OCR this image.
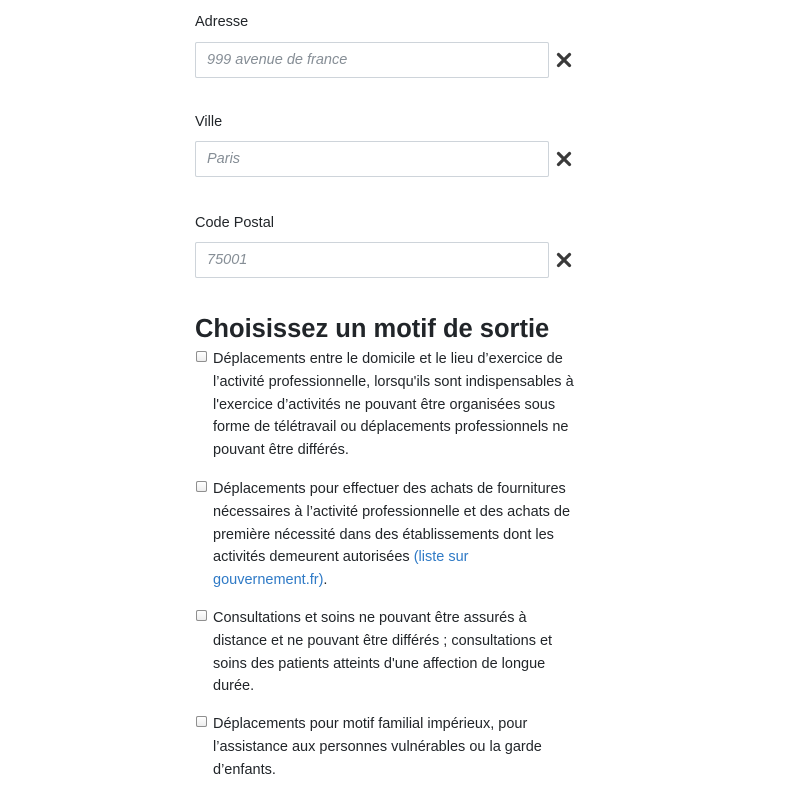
Adresse
999 avenue de france
Ville
Paris
Code Postal
75001
Choisissez un motif de sortie
Déplacements entre le domicile et le lieu d’exercice de l’activité professionnelle, lorsqu'ils sont indispensables à l'exercice d’activités ne pouvant être organisées sous forme de télétravail ou déplacements professionnels ne pouvant être différés.
Déplacements pour effectuer des achats de fournitures nécessaires à l’activité professionnelle et des achats de première nécessité dans des établissements dont les activités demeurent autorisées (liste sur gouvernement.fr).
Consultations et soins ne pouvant être assurés à distance et ne pouvant être différés ; consultations et soins des patients atteints d'une affection de longue durée.
Déplacements pour motif familial impérieux, pour l’assistance aux personnes vulnérables ou la garde d’enfants.
